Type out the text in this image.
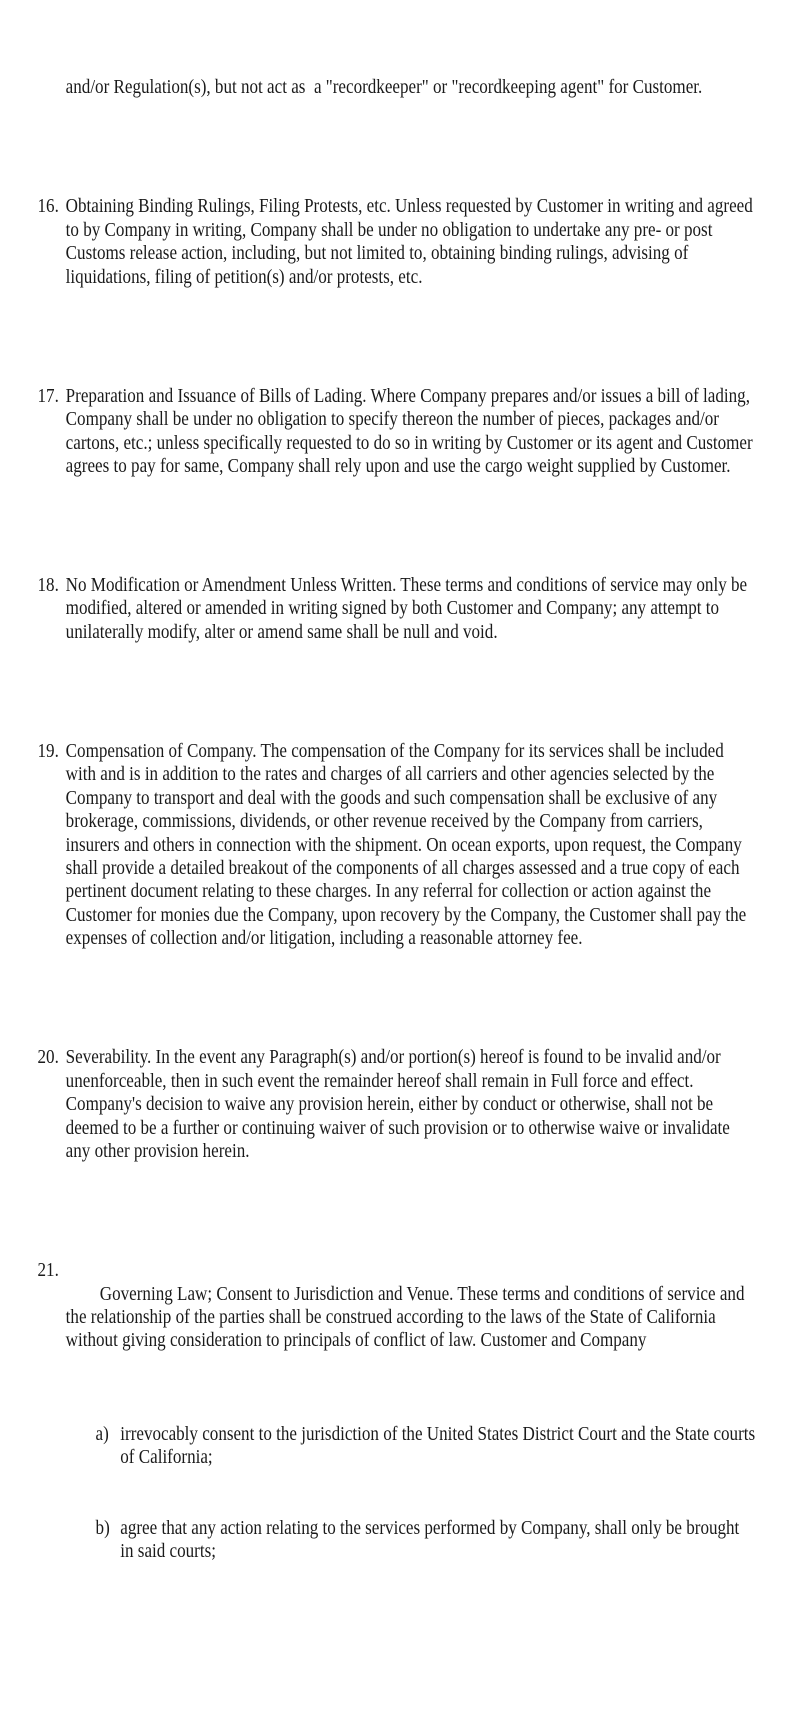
and/or Regulation(s), but not act as  a "recordkeeper" or "recordkeeping agent" for Customer.

16. Obtaining Binding Rulings, Filing Protests, etc. Unless requested by Customer in writing and agreed to by Company in writing, Company shall be under no obligation to undertake any pre- or post Customs release action, including, but not limited to, obtaining binding rulings, advising of liquidations, filing of petition(s) and/or protests, etc.

17. Preparation and Issuance of Bills of Lading. Where Company prepares and/or issues a bill of lading, Company shall be under no obligation to specify thereon the number of pieces, packages and/or cartons, etc.; unless specifically requested to do so in writing by Customer or its agent and Customer agrees to pay for same, Company shall rely upon and use the cargo weight supplied by Customer.

18. No Modification or Amendment Unless Written. These terms and conditions of service may only be modified, altered or amended in writing signed by both Customer and Company; any attempt to unilaterally modify, alter or amend same shall be null and void.

19. Compensation of Company. The compensation of the Company for its services shall be included with and is in addition to the rates and charges of all carriers and other agencies selected by the Company to transport and deal with the goods and such compensation shall be exclusive of any brokerage, commissions, dividends, or other revenue received by the Company from carriers, insurers and others in connection with the shipment. On ocean exports, upon request, the Company shall provide a detailed breakout of the components of all charges assessed and a true copy of each pertinent document relating to these charges. In any referral for collection or action against the Customer for monies due the Company, upon recovery by the Company, the Customer shall pay the expenses of collection and/or litigation, including a reasonable attorney fee.

20. Severability. In the event any Paragraph(s) and/or portion(s) hereof is found to be invalid and/or unenforceable, then in such event the remainder hereof shall remain in Full force and effect. Company's decision to waive any provision herein, either by conduct or otherwise, shall not be deemed to be a further or continuing waiver of such provision or to otherwise waive or invalidate any other provision herein.

21.

Governing Law; Consent to Jurisdiction and Venue. These terms and conditions of service and the relationship of the parties shall be construed according to the laws of the State of California without giving consideration to principals of conflict of law. Customer and Company

a) irrevocably consent to the jurisdiction of the United States District Court and the State courts of California;

b) agree that any action relating to the services performed by Company, shall only be brought in said courts;
